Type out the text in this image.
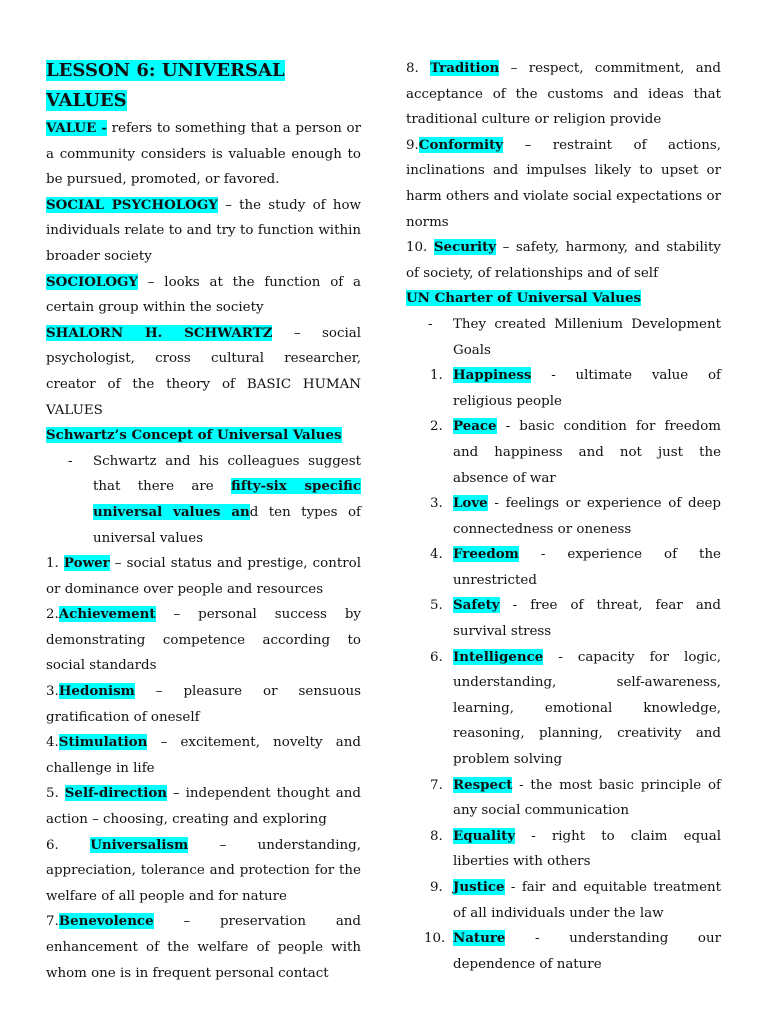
LESSON 6: UNIVERSAL VALUES

VALUE - refers to something that a person or a community considers is valuable enough to be pursued, promoted, or favored.

SOCIAL PSYCHOLOGY – the study of how individuals relate to and try to function within broader society

SOCIOLOGY – looks at the function of a certain group within the society

SHALORN H. SCHWARTZ – social psychologist, cross cultural researcher, creator of the theory of BASIC HUMAN VALUES

Schwartz’s Concept of Universal Values

-	Schwartz and his colleagues suggest that there are fifty-six specific universal values and ten types of universal values

1. Power – social status and prestige, control or dominance over people and resources

2.Achievement – personal success by demonstrating competence according to social standards

3.Hedonism – pleasure or sensuous gratification of oneself

4.Stimulation – excitement, novelty and challenge in life

5. Self-direction – independent thought and action – choosing, creating and exploring

6. Universalism – understanding, appreciation, tolerance and protection for the welfare of all people and for nature

7.Benevolence – preservation and enhancement of the welfare of people with whom one is in frequent personal contact

8. Tradition – respect, commitment, and acceptance of the customs and ideas that traditional culture or religion provide

9.Conformity – restraint of actions, inclinations and impulses likely to upset or harm others and violate social expectations or norms

10. Security – safety, harmony, and stability of society, of relationships and of self

UN Charter of Universal Values

-	They created Millenium Development Goals
1. Happiness - ultimate value of religious people
2. Peace - basic condition for freedom and happiness and not just the absence of war
3. Love - feelings or experience of deep connectedness or oneness
4. Freedom - experience of the unrestricted
5. Safety - free of threat, fear and survival stress
6. Intelligence - capacity for logic, understanding, self-awareness, learning, emotional knowledge, reasoning, planning, creativity and problem solving
7. Respect - the most basic principle of any social communication
8. Equality - right to claim equal liberties with others
9. Justice - fair and equitable treatment of all individuals under the law
10. Nature - understanding our dependence of nature
